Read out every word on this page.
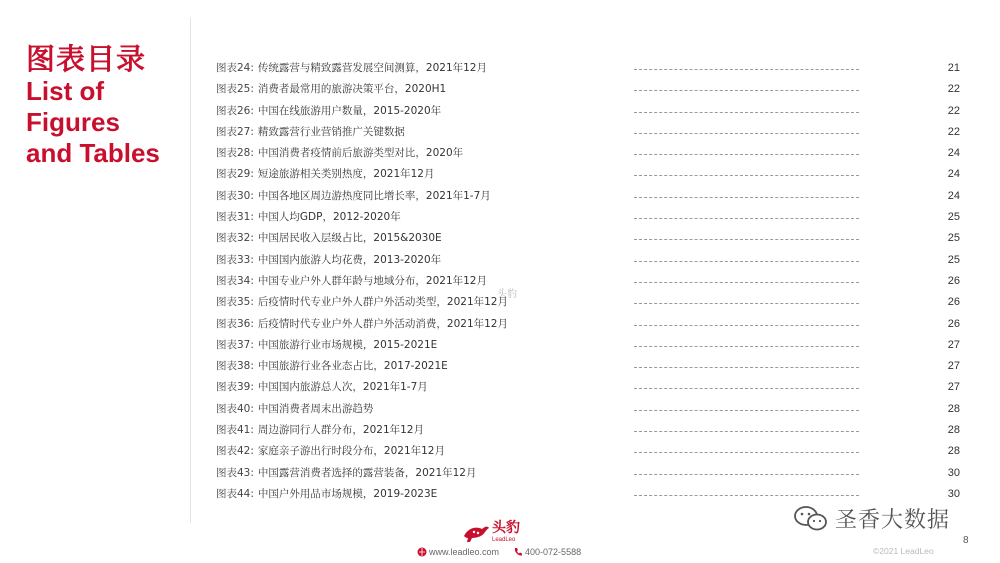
图表目录
List of
Figures
and Tables
图表24: 传统露营与精致露营发展空间测算，2021年12月	21
图表25: 消费者最常用的旅游决策平台，2020H1	22
图表26: 中国在线旅游用户数量，2015-2020年	22
图表27: 精致露营行业营销推广关键数据	22
图表28: 中国消费者疫情前后旅游类型对比，2020年	24
图表29: 短途旅游相关类别热度，2021年12月	24
图表30: 中国各地区周边游热度同比增长率，2021年1-7月	24
图表31: 中国人均GDP，2012-2020年	25
图表32: 中国居民收入层级占比，2015&2030E	25
图表33: 中国国内旅游人均花费，2013-2020年	25
图表34: 中国专业户外人群年龄与地域分布，2021年12月	26
图表35: 后疫情时代专业户外人群户外活动类型，2021年12月	26
图表36: 后疫情时代专业户外人群户外活动消费，2021年12月	26
图表37: 中国旅游行业市场规模，2015-2021E	27
图表38: 中国旅游行业各业态占比，2017-2021E	27
图表39: 中国国内旅游总人次，2021年1-7月	27
图表40: 中国消费者周末出游趋势	28
图表41: 周边游同行人群分布，2021年12月	28
图表42: 家庭亲子游出行时段分布，2021年12月	28
图表43: 中国露营消费者选择的露营装备，2021年12月	30
图表44: 中国户外用品市场规模，2019-2023E	30
头豹
头豹
LeadLeo
www.leadleo.com	400-072-5588
圣香大数据
8
©2021 LeadLeo
